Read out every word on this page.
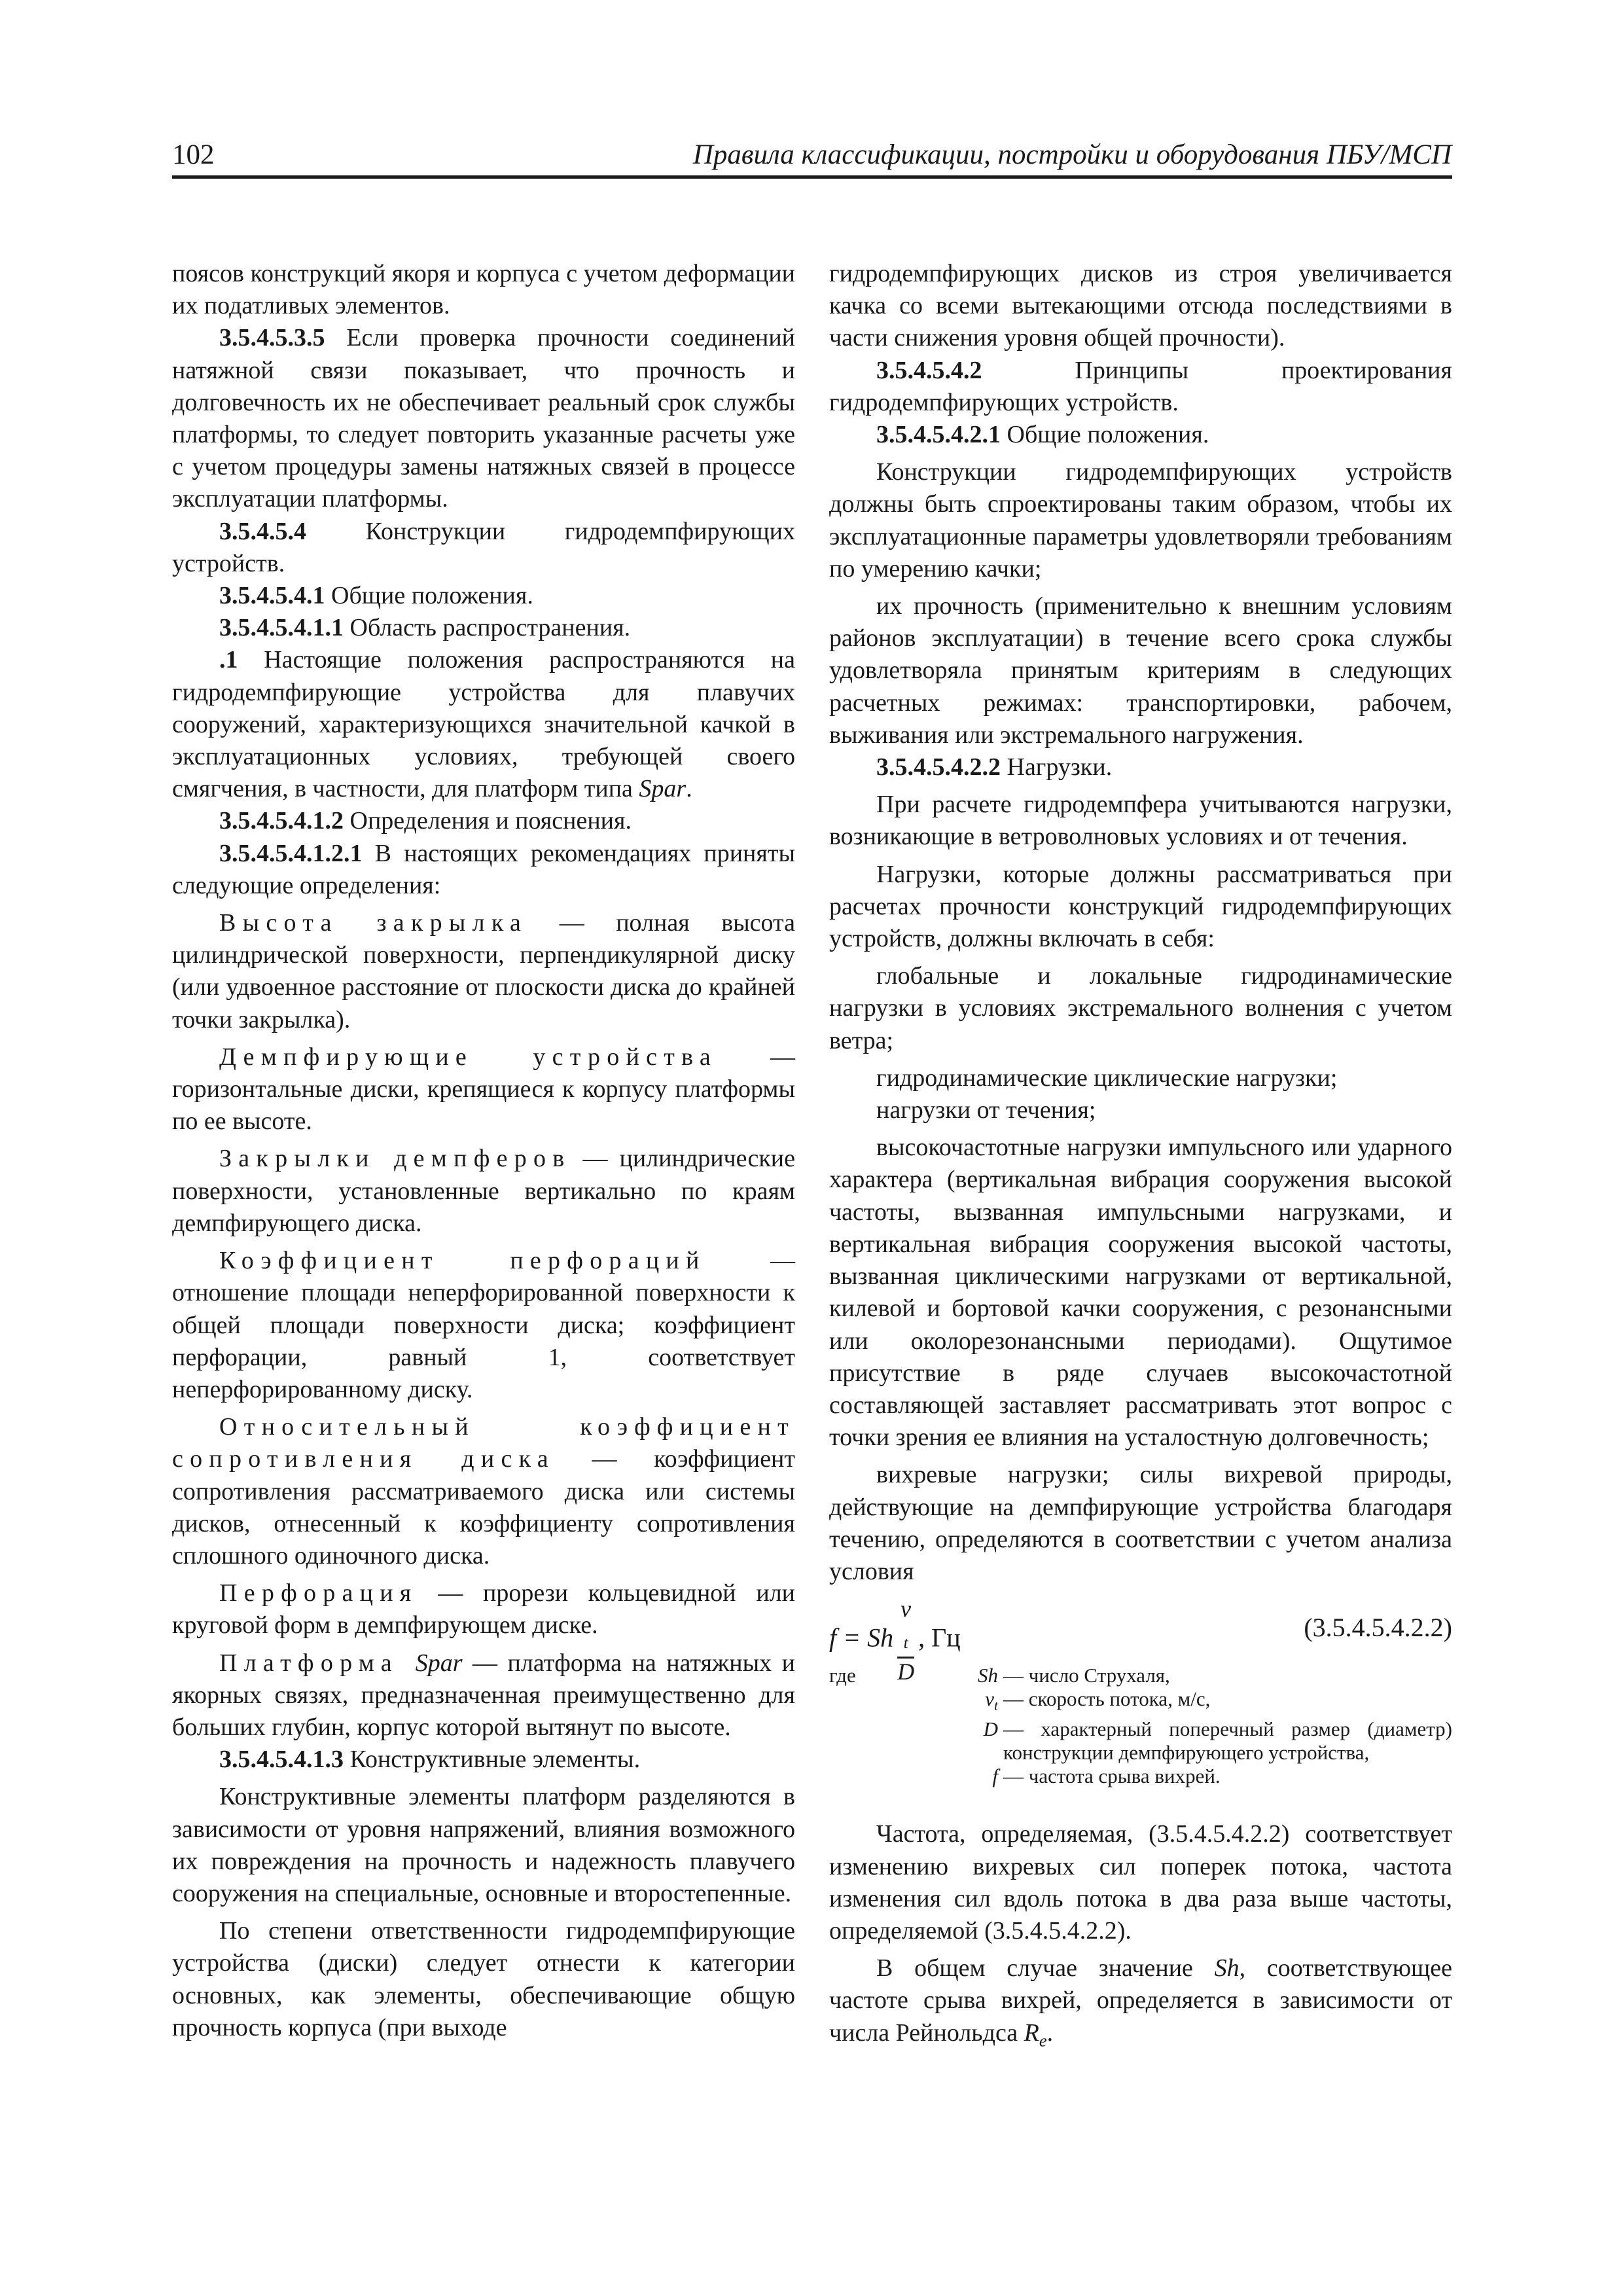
102	Правила классификации, постройки и оборудования ПБУ/МСП

поясов конструкций якоря и корпуса с учетом деформации их податливых элементов.

3.5.4.5.3.5 Если проверка прочности соединений натяжной связи показывает, что прочность и долговечность их не обеспечивает реальный срок службы платформы, то следует повторить указанные расчеты уже с учетом процедуры замены натяжных связей в процессе эксплуатации платформы.

3.5.4.5.4 Конструкции гидродемпфирующих устройств.

3.5.4.5.4.1 Общие положения.

3.5.4.5.4.1.1 Область распространения.

.1 Настоящие положения распространяются на гидродемпфирующие устройства для плавучих сооружений, характеризующихся значительной качкой в эксплуатационных условиях, требующей своего смягчения, в частности, для платформ типа Spar.

3.5.4.5.4.1.2 Определения и пояснения.

3.5.4.5.4.1.2.1 В настоящих рекомендациях приняты следующие определения:

Высота закрылка — полная высота цилиндрической поверхности, перпендикулярной диску (или удвоенное расстояние от плоскости диска до крайней точки закрылка).

Демпфирующие устройства — горизонтальные диски, крепящиеся к корпусу платформы по ее высоте.

Закрылки демпферов — цилиндрические поверхности, установленные вертикально по краям демпфирующего диска.

Коэффициент перфораций — отношение площади неперфорированной поверхности к общей площади поверхности диска; коэффициент перфорации, равный 1, соответствует неперфорированному диску.

Относительный коэффициент сопротивления диска — коэффициент сопротивления рассматриваемого диска или системы дисков, отнесенный к коэффициенту сопротивления сплошного одиночного диска.

Перфорация — прорези кольцевидной или круговой форм в демпфирующем диске.

Платформа Spar — платформа на натяжных и якорных связях, предназначенная преимущественно для больших глубин, корпус которой вытянут по высоте.

3.5.4.5.4.1.3 Конструктивные элементы.

Конструктивные элементы платформ разделяются в зависимости от уровня напряжений, влияния возможного их повреждения на прочность и надежность плавучего сооружения на специальные, основные и второстепенные.

По степени ответственности гидродемпфирующие устройства (диски) следует отнести к категории основных, как элементы, обеспечивающие общую прочность корпуса (при выходе

гидродемпфирующих дисков из строя увеличивается качка со всеми вытекающими отсюда последствиями в части снижения уровня общей прочности).

3.5.4.5.4.2 Принципы проектирования гидродемпфирующих устройств.

3.5.4.5.4.2.1 Общие положения.

Конструкции гидродемпфирующих устройств должны быть спроектированы таким образом, чтобы их эксплуатационные параметры удовлетворяли требованиям по умерению качки;

их прочность (применительно к внешним условиям районов эксплуатации) в течение всего срока службы удовлетворяла принятым критериям в следующих расчетных режимах: транспортировки, рабочем, выживания или экстремального нагружения.

3.5.4.5.4.2.2 Нагрузки.

При расчете гидродемпфера учитываются нагрузки, возникающие в ветроволновых условиях и от течения.

Нагрузки, которые должны рассматриваться при расчетах прочности конструкций гидродемпфирующих устройств, должны включать в себя:

глобальные и локальные гидродинамические нагрузки в условиях экстремального волнения с учетом ветра;

гидродинамические циклические нагрузки;

нагрузки от течения;

высокочастотные нагрузки импульсного или ударного характера (вертикальная вибрация сооружения высокой частоты, вызванная импульсными нагрузками, и вертикальная вибрация сооружения высокой частоты, вызванная циклическими нагрузками от вертикальной, килевой и бортовой качки сооружения, с резонансными или околорезонансными периодами). Ощутимое присутствие в ряде случаев высокочастотной составляющей заставляет рассматривать этот вопрос с точки зрения ее влияния на усталостную долговечность;

вихревые нагрузки; силы вихревой природы, действующие на демпфирующие устройства благодаря течению, определяются в соответствии с учетом анализа условия

f = Sh v
$_t$
D , Гц	(3.5.4.5.4.2.2)
где	Sh — число Струхаля,
$v_t$ — скорость потока, м/с,
D — характерный поперечный размер (диаметр) конструкции демпфирующего устройства,
f — частота срыва вихрей.

Частота, определяемая, (3.5.4.5.4.2.2) соответствует изменению вихревых сил поперек потока, частота изменения сил вдоль потока в два раза выше частоты, определяемой (3.5.4.5.4.2.2).

В общем случае значение Sh, соответствующее частоте срыва вихрей, определяется в зависимости от числа Рейнольдса $R_e$.
